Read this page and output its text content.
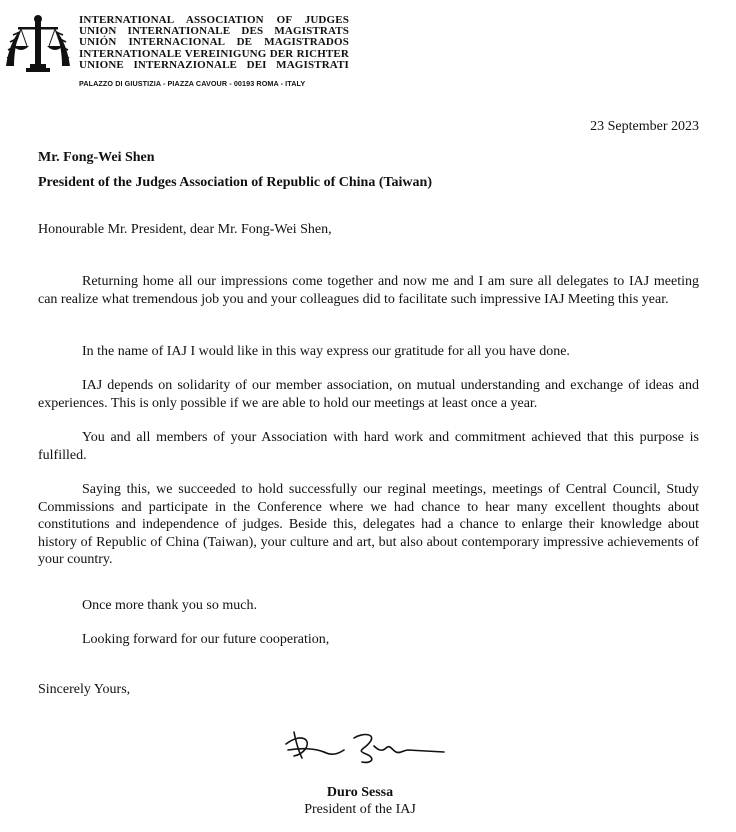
INTERNATIONAL ASSOCIATION OF JUDGES
UNION INTERNATIONALE DES MAGISTRATS
UNIÓN INTERNACIONAL DE MAGISTRADOS
INTERNATIONALE VEREINIGUNG DER RICHTER
UNIONE INTERNAZIONALE DEI MAGISTRATI
PALAZZO DI GIUSTIZIA - PIAZZA CAVOUR - 00193 ROMA - ITALY
23 September 2023
Mr. Fong-Wei Shen
President of the Judges Association of Republic of China (Taiwan)
Honourable Mr. President, dear Mr. Fong-Wei Shen,

Returning home all our impressions come together and now me and I am sure all delegates to IAJ meeting can realize what tremendous job you and your colleagues did to facilitate such impressive IAJ Meeting this year.

In the name of IAJ I would like in this way express our gratitude for all you have done.

IAJ depends on solidarity of our member association, on mutual understanding and exchange of ideas and experiences. This is only possible if we are able to hold our meetings at least once a year.

You and all members of your Association with hard work and commitment achieved that this purpose is fulfilled.

Saying this, we succeeded to hold successfully our reginal meetings, meetings of Central Council, Study Commissions and participate in the Conference where we had chance to hear many excellent thoughts about constitutions and independence of judges. Beside this, delegates had a chance to enlarge their knowledge about history of Republic of China (Taiwan), your culture and art, but also about contemporary impressive achievements of your country.

Once more thank you so much.
Looking forward for our future cooperation,
Sincerely Yours,
Duro Sessa
President of the IAJ
